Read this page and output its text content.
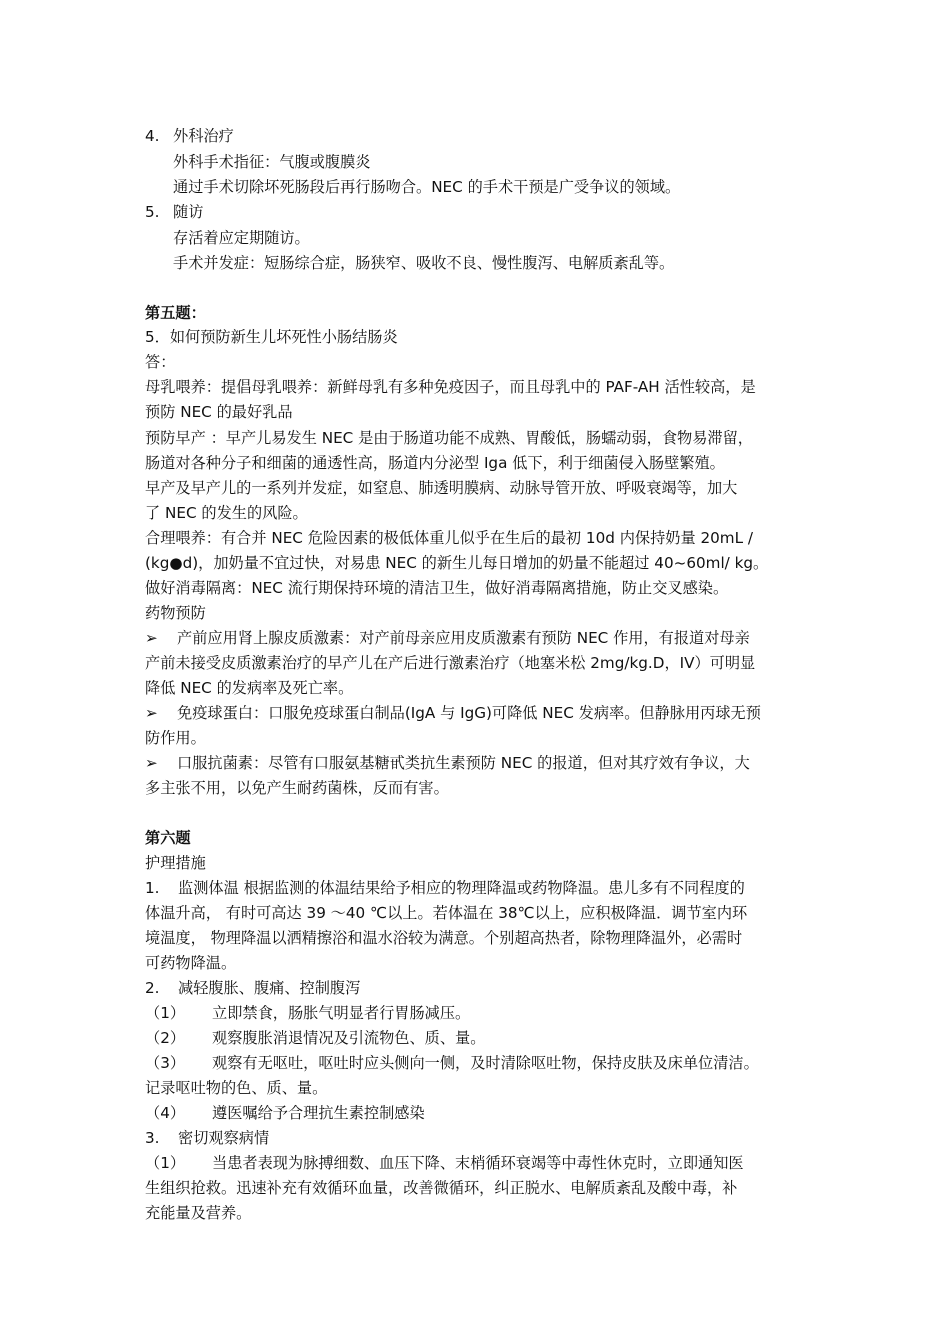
4. 外科治疗
外科手术指征：气腹或腹膜炎
通过手术切除坏死肠段后再行肠吻合。NEC 的手术干预是广受争议的领域。
5. 随访
存活着应定期随访。
手术并发症：短肠综合症，肠狭窄、吸收不良、慢性腹泻、电解质紊乱等。
第五题：
5．如何预防新生儿坏死性小肠结肠炎
答：
母乳喂养：提倡母乳喂养：新鲜母乳有多种免疫因子，而且母乳中的 PAF-AH 活性较高，是
预防 NEC 的最好乳品
预防早产 ：早产儿易发生 NEC 是由于肠道功能不成熟、胃酸低，肠蠕动弱，食物易滞留，
肠道对各种分子和细菌的通透性高，肠道内分泌型 Iga 低下，利于细菌侵入肠壁繁殖。
早产及早产儿的一系列并发症，如窒息、肺透明膜病、动脉导管开放、呼吸衰竭等，加大
了 NEC 的发生的风险。
合理喂养：有合并 NEC 危险因素的极低体重儿似乎在生后的最初 10d 内保持奶量 20mL /
(kg●d)，加奶量不宜过快，对易患 NEC 的新生儿每日增加的奶量不能超过 40~60ml/ kg。
做好消毒隔离：NEC 流行期保持环境的清洁卫生，做好消毒隔离措施，防止交叉感染。
药物预防
➢ 产前应用肾上腺皮质激素：对产前母亲应用皮质激素有预防 NEC 作用，有报道对母亲
产前未接受皮质激素治疗的早产儿在产后进行激素治疗（地塞米松 2mg/kg.D，IV）可明显
降低 NEC 的发病率及死亡率。
➢ 免疫球蛋白：口服免疫球蛋白制品(IgA 与 IgG)可降低 NEC 发病率。但静脉用丙球无预
防作用。
➢ 口服抗菌素：尽管有口服氨基糖甙类抗生素预防 NEC 的报道，但对其疗效有争议，大
多主张不用，以免产生耐药菌株，反而有害。
第六题
护理措施
1. 监测体温 根据监测的体温结果给予相应的物理降温或药物降温。患儿多有不同程度的
体温升高， 有时可高达 39 ～40 ℃以上。若体温在 38℃以上，应积极降温．调节室内环
境温度， 物理降温以洒精擦浴和温水浴较为满意。个别超高热者，除物理降温外，必需时
可药物降温。
2. 减轻腹胀、腹痛、控制腹泻
（1） 立即禁食，肠胀气明显者行胃肠减压。
（2） 观察腹胀消退情况及引流物色、质、量。
（3） 观察有无呕吐，呕吐时应头侧向一侧，及时清除呕吐物，保持皮肤及床单位清洁。
记录呕吐物的色、质、量。
（4） 遵医嘱给予合理抗生素控制感染
3. 密切观察病情
（1） 当患者表现为脉搏细数、血压下降、末梢循环衰竭等中毒性休克时，立即通知医
生组织抢救。迅速补充有效循环血量，改善微循环，纠正脱水、电解质紊乱及酸中毒，补
充能量及营养。
